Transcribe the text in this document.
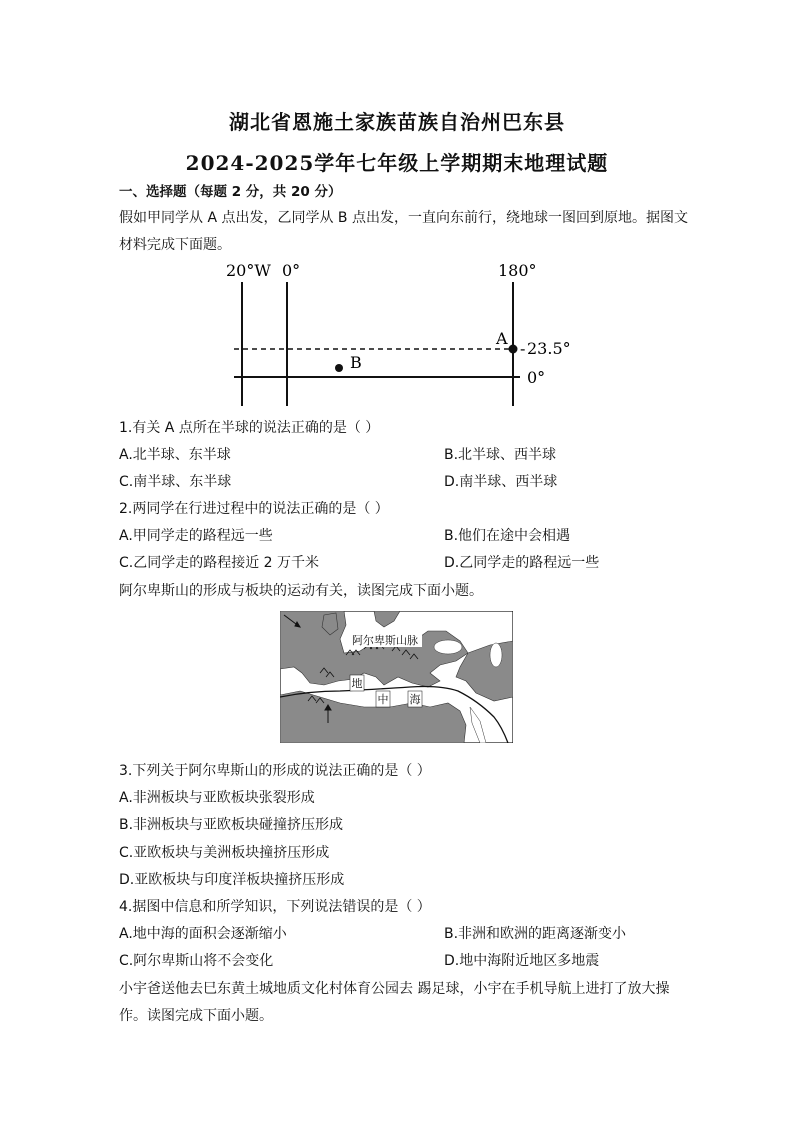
湖北省恩施土家族苗族自治州巴东县
2024-2025学年七年级上学期期末地理试题
一、选择题（每题 2 分，共 20 分）
假如甲同学从 A 点出发，乙同学从 B 点出发，一直向东前行，绕地球一图回到原地。据图文
材料完成下面题。
20°W 0°	180°
A
B
- 23.5°
0°
1.有关 A 点所在半球的说法正确的是（ ）
A.北半球、东半球	B.北半球、西半球
C.南半球、东半球	D.南半球、西半球
2.两同学在行进过程中的说法正确的是（ ）
A.甲同学走的路程远一些	B.他们在途中会相遇
C.乙同学走的路程接近 2 万千米	D.乙同学走的路程远一些
阿尔卑斯山的形成与板块的运动有关，读图完成下面小题。
阿尔卑斯山脉
地
中 海
3.下列关于阿尔卑斯山的形成的说法正确的是（ ）
A.非洲板块与亚欧板块张裂形成
B.非洲板块与亚欧板块碰撞挤压形成
C.亚欧板块与美洲板块撞挤压形成
D.亚欧板块与印度洋板块撞挤压形成
4.据图中信息和所学知识，下列说法错误的是（ ）
A.地中海的面积会逐渐缩小	B.非洲和欧洲的距离逐渐变小
C.阿尔卑斯山将不会变化	D.地中海附近地区多地震
小宇爸送他去巳东黄土城地质文化村体育公园去 踢足球，小宇在手机导航上进打了放大操
作。读图完成下面小题。
